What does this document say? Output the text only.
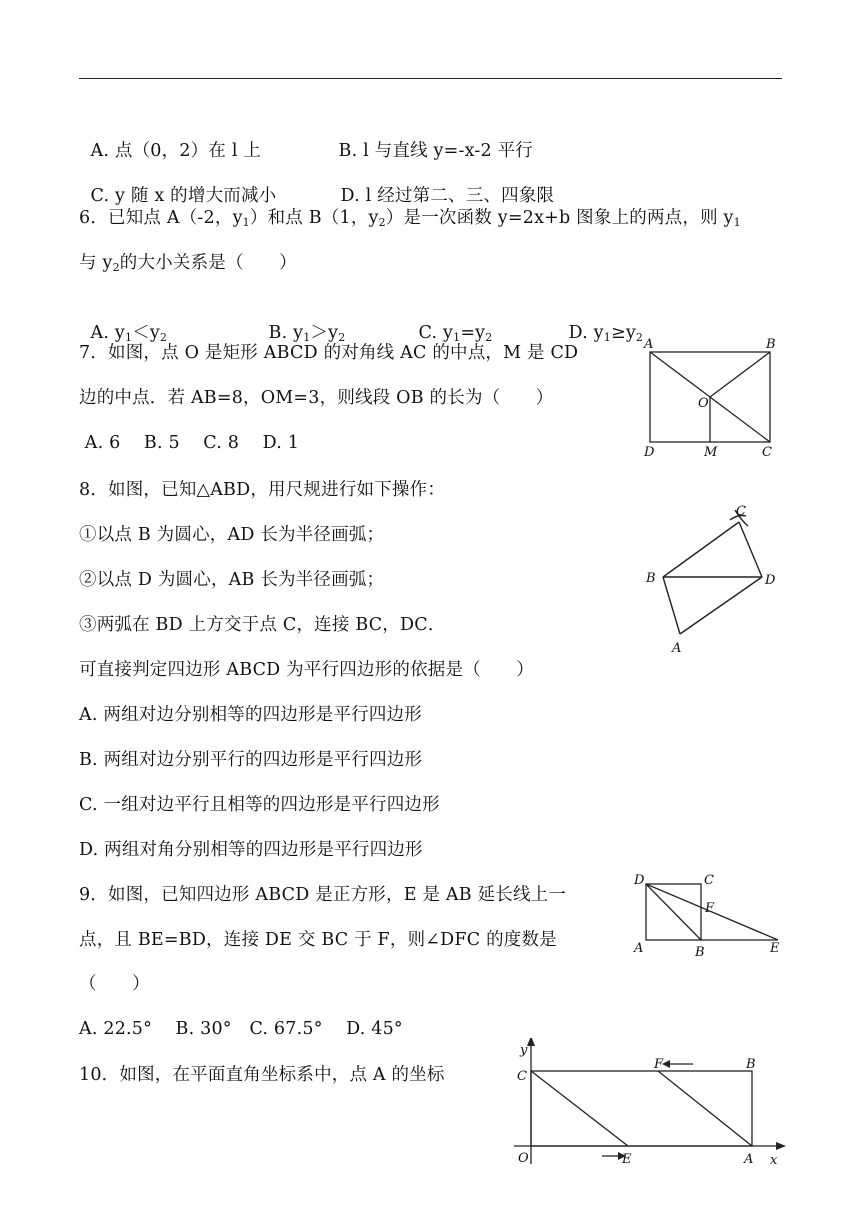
A. 点（0，2）在 l 上	B. l 与直线 y=-x-2 平行

C. y 随 x 的增大而减小	D. l 经过第二、三、四象限

6．已知点 A（-2，$y_1$）和点 B（1，$y_2$）是一次函数 y=2x+b 图象上的两点，则 $y_1$
与 $y_2$的大小关系是（　　）

A. $y_1<y_2$	B. $y_1>y_2$	C. $y_1=y_2$	D. $y_1\ge y_2$

7．如图，点 O 是矩形 ABCD 的对角线 AC 的中点，M 是 CD
边的中点．若 AB=8，OM=3，则线段 OB 的长为（　　）
A. 6　 B. 5　 C. 8　 D. 1
A	B
D	M	C
O
8．如图，已知△ABD，用尺规进行如下操作：
①以点 B 为圆心，AD 长为半径画弧；
②以点 D 为圆心，AB 长为半径画弧；
③两弧在 BD 上方交于点 C，连接 BC，DC．
可直接判定四边形 ABCD 为平行四边形的依据是（　　）
A. 两组对边分别相等的四边形是平行四边形
B. 两组对边分别平行的四边形是平行四边形
C. 一组对边平行且相等的四边形是平行四边形
D. 两组对角分别相等的四边形是平行四边形
C
B	D
A
9．如图，已知四边形 ABCD 是正方形，E 是 AB 延长线上一
点，且 BE=BD，连接 DE 交 BC 于 F，则∠DFC 的度数是
（　　）
A. 22.5°　 B. 30°　C. 67.5°　 D. 45°
D	C
F
A	B	E
10．如图，在平面直角坐标系中，点 A 的坐标
y
x
O
C
F	B
E	A
